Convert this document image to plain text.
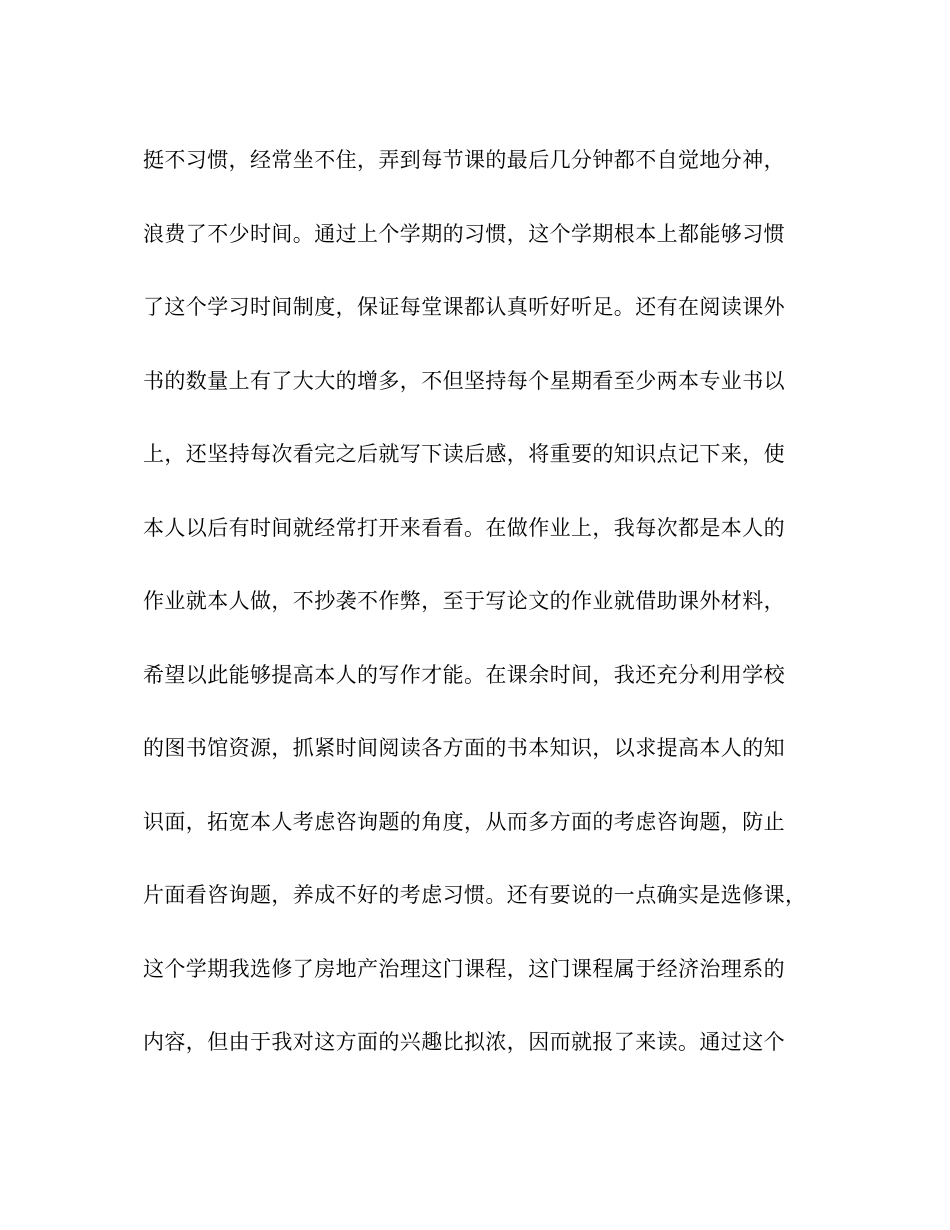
挺不习惯，经常坐不住，弄到每节课的最后几分钟都不自觉地分神，
浪费了不少时间。通过上个学期的习惯，这个学期根本上都能够习惯
了这个学习时间制度，保证每堂课都认真听好听足。还有在阅读课外
书的数量上有了大大的增多，不但坚持每个星期看至少两本专业书以
上，还坚持每次看完之后就写下读后感，将重要的知识点记下来，使
本人以后有时间就经常打开来看看。在做作业上，我每次都是本人的
作业就本人做，不抄袭不作弊，至于写论文的作业就借助课外材料，
希望以此能够提高本人的写作才能。在课余时间，我还充分利用学校
的图书馆资源，抓紧时间阅读各方面的书本知识，以求提高本人的知
识面，拓宽本人考虑咨询题的角度，从而多方面的考虑咨询题，防止
片面看咨询题，养成不好的考虑习惯。还有要说的一点确实是选修课，
这个学期我选修了房地产治理这门课程，这门课程属于经济治理系的
内容，但由于我对这方面的兴趣比拟浓，因而就报了来读。通过这个
